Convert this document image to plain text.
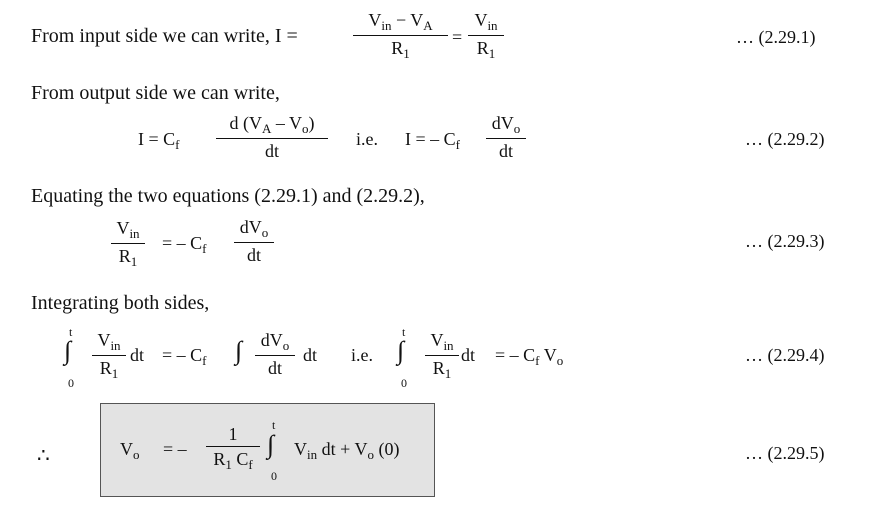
From input side we can write, I =
$V_{in} - V_A$
$R_1$
=
$V_{in}$
$R_1$
… (2.29.1)
From output side we can write,
$I = C_f$
d $(V_A - V_o)$
dt
i.e. I = – $C_f$
$dV_o$
dt
… (2.29.2)
Equating the two equations (2.29.1) and (2.29.2),
$V_{in}$
$R_1$
= – $C_f$
$dV_o$
dt
… (2.29.3)
Integrating both sides,
t
∫
0
$V_{in}$
$R_1$
dt = – $C_f$ ∫	$dV_o$
dt
dt i.e.
t
∫
0
$V_{in}$
$R_1$
dt = – $C_f$ $V_o$	… (2.29.4)
∴	$V_o$ = –
1
$R_1$ $C_f$
t
∫
0
$V_{in}$ dt + $V_o$ (0)	… (2.29.5)
